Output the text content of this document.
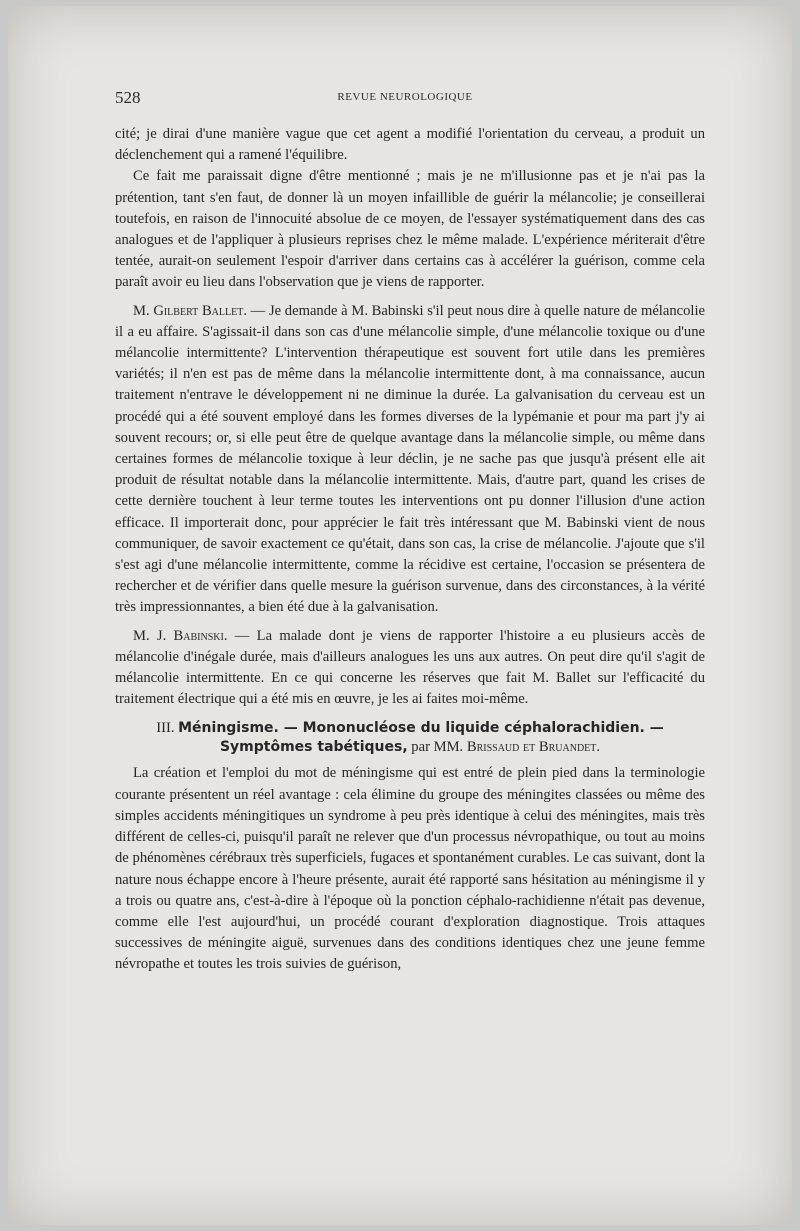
528	REVUE NEUROLOGIQUE

cité; je dirai d'une manière vague que cet agent a modifié l'orientation du cerveau, a produit un déclenchement qui a ramené l'équilibre.

Ce fait me paraissait digne d'être mentionné ; mais je ne m'illusionne pas et je n'ai pas la prétention, tant s'en faut, de donner là un moyen infaillible de guérir la mélancolie; je conseillerai toutefois, en raison de l'innocuité absolue de ce moyen, de l'essayer systématiquement dans des cas analogues et de l'appliquer à plusieurs reprises chez le même malade. L'expérience mériterait d'être tentée, aurait-on seulement l'espoir d'arriver dans certains cas à accélérer la guérison, comme cela paraît avoir eu lieu dans l'observation que je viens de rapporter.

M. Gilbert Ballet. — Je demande à M. Babinski s'il peut nous dire à quelle nature de mélancolie il a eu affaire. S'agissait-il dans son cas d'une mélancolie simple, d'une mélancolie toxique ou d'une mélancolie intermittente? L'intervention thérapeutique est souvent fort utile dans les premières variétés; il n'en est pas de même dans la mélancolie intermittente dont, à ma connaissance, aucun traitement n'entrave le développement ni ne diminue la durée. La galvanisation du cerveau est un procédé qui a été souvent employé dans les formes diverses de la lypémanie et pour ma part j'y ai souvent recours; or, si elle peut être de quelque avantage dans la mélancolie simple, ou même dans certaines formes de mélancolie toxique à leur déclin, je ne sache pas que jusqu'à présent elle ait produit de résultat notable dans la mélancolie intermittente. Mais, d'autre part, quand les crises de cette dernière touchent à leur terme toutes les interventions ont pu donner l'illusion d'une action efficace. Il importerait donc, pour apprécier le fait très intéressant que M. Babinski vient de nous communiquer, de savoir exactement ce qu'était, dans son cas, la crise de mélancolie. J'ajoute que s'il s'est agi d'une mélancolie intermittente, comme la récidive est certaine, l'occasion se présentera de rechercher et de vérifier dans quelle mesure la guérison survenue, dans des circonstances, à la vérité très impressionnantes, a bien été due à la galvanisation.

M. J. Babinski. — La malade dont je viens de rapporter l'histoire a eu plusieurs accès de mélancolie d'inégale durée, mais d'ailleurs analogues les uns aux autres. On peut dire qu'il s'agit de mélancolie intermittente. En ce qui concerne les réserves que fait M. Ballet sur l'efficacité du traitement électrique qui a été mis en œuvre, je les ai faites moi-même.

III. Méningisme. — Mononucléose du liquide céphalorachidien. —
Symptômes tabétiques, par MM. Brissaud et Bruandet.

La création et l'emploi du mot de méningisme qui est entré de plein pied dans la terminologie courante présentent un réel avantage : cela élimine du groupe des méningites classées ou même des simples accidents méningitiques un syndrome à peu près identique à celui des méningites, mais très différent de celles-ci, puisqu'il paraît ne relever que d'un processus névropathique, ou tout au moins de phénomènes cérébraux très superficiels, fugaces et spontanément curables. Le cas suivant, dont la nature nous échappe encore à l'heure présente, aurait été rapporté sans hésitation au méningisme il y a trois ou quatre ans, c'est-à-dire à l'époque où la ponction céphalo-rachidienne n'était pas devenue, comme elle l'est aujourd'hui, un procédé courant d'exploration diagnostique. Trois attaques successives de méningite aiguë, survenues dans des conditions identiques chez une jeune femme névropathe et toutes les trois suivies de guérison,
